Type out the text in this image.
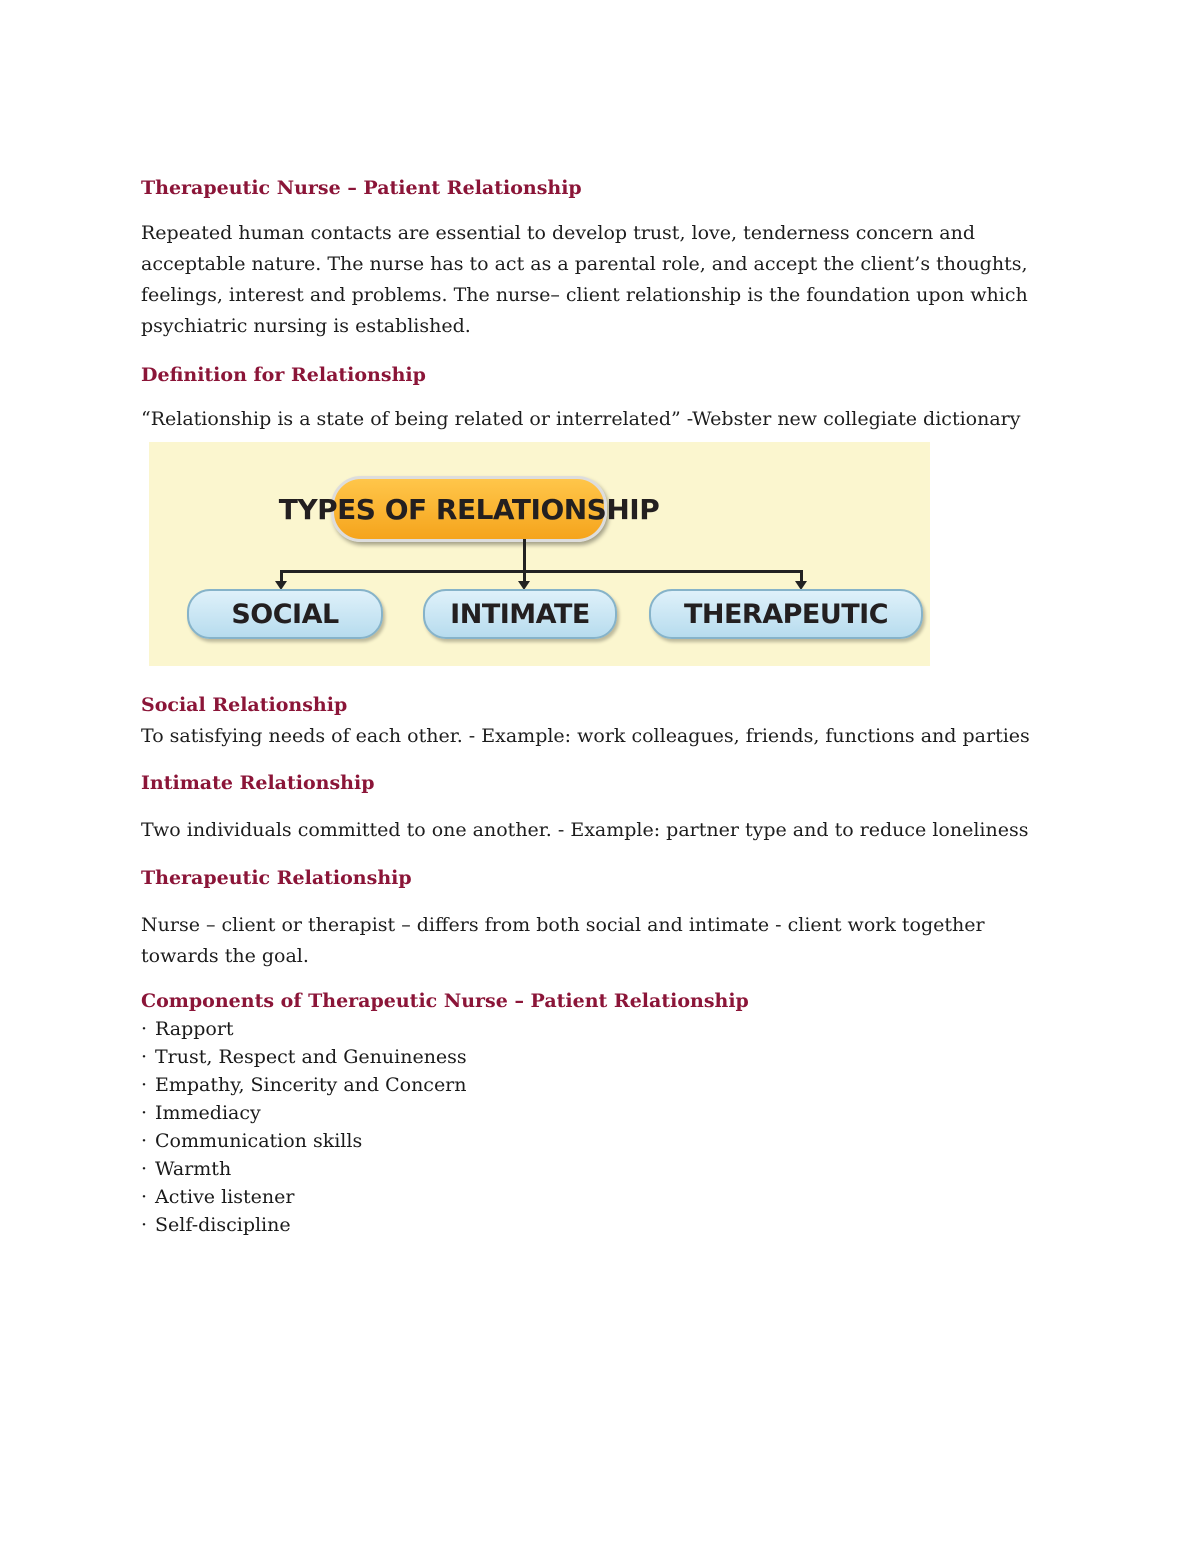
Therapeutic Nurse – Patient Relationship

Repeated human contacts are essential to develop trust, love, tenderness concern and acceptable nature. The nurse has to act as a parental role, and accept the client’s thoughts, feelings, interest and problems. The nurse– client relationship is the foundation upon which psychiatric nursing is established.

Definition for Relationship

“Relationship is a state of being related or interrelated” -Webster new collegiate dictionary

TYPES OF RELATIONSHIP
SOCIAL	INTIMATE	THERAPEUTIC

Social Relationship

To satisfying needs of each other. - Example: work colleagues, friends, functions and parties

Intimate Relationship

Two individuals committed to one another. - Example: partner type and to reduce loneliness

Therapeutic Relationship

Nurse – client or therapist – differs from both social and intimate - client work together towards the goal.

Components of Therapeutic Nurse – Patient Relationship

· Rapport
· Trust, Respect and Genuineness
· Empathy, Sincerity and Concern
· Immediacy
· Communication skills
· Warmth
· Active listener
· Self-discipline
